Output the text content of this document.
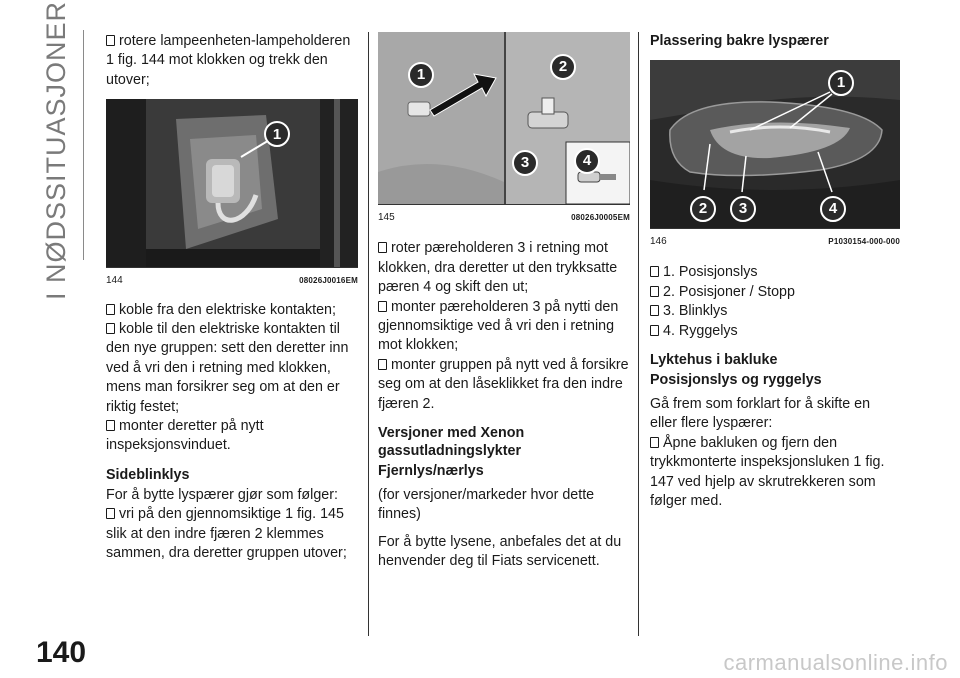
I NØDSSITUASJONER
140	carmanualsonline.info

rotere lampeenheten-lampeholderen 1 fig. 144 mot klokken og trekk den utover;

1
144	08026J0016EM

koble fra den elektriske kontakten;

koble til den elektriske kontakten til den nye gruppen: sett den deretter inn ved å vri den i retning med klokken, mens man forsikrer seg om at den er riktig festet;

monter deretter på nytt inspeksjonsvinduet.

Sideblinklys

For å bytte lyspærer gjør som følger:

vri på den gjennomsiktige 1 fig. 145 slik at den indre fjæren 2 klemmes sammen, dra deretter gruppen utover;

1	2
3	4
145	08026J0005EM

roter pæreholderen 3 i retning mot klokken, dra deretter ut den trykksatte pæren 4 og skift den ut;

monter pæreholderen 3 på nytti den gjennomsiktige ved å vri den i retning mot klokken;

monter gruppen på nytt ved å forsikre seg om at den låseklikket fra den indre fjæren 2.

Versjoner med Xenon gassutladningslykter
Fjernlys/nærlys

(for versjoner/markeder hvor dette finnes)

For å bytte lysene, anbefales det at du henvender deg til Fiats servicenett.

Plassering bakre lyspærer
1
2	3	4
146	P1030154-000-000

1. Posisjonslys

2. Posisjoner / Stopp

3. Blinklys

4. Ryggelys

Lyktehus i bakluke
Posisjonslys og ryggelys

Gå frem som forklart for å skifte en eller flere lyspærer:

Åpne bakluken og fjern den trykkmonterte inspeksjonsluken 1 fig. 147 ved hjelp av skrutrekkeren som følger med.
